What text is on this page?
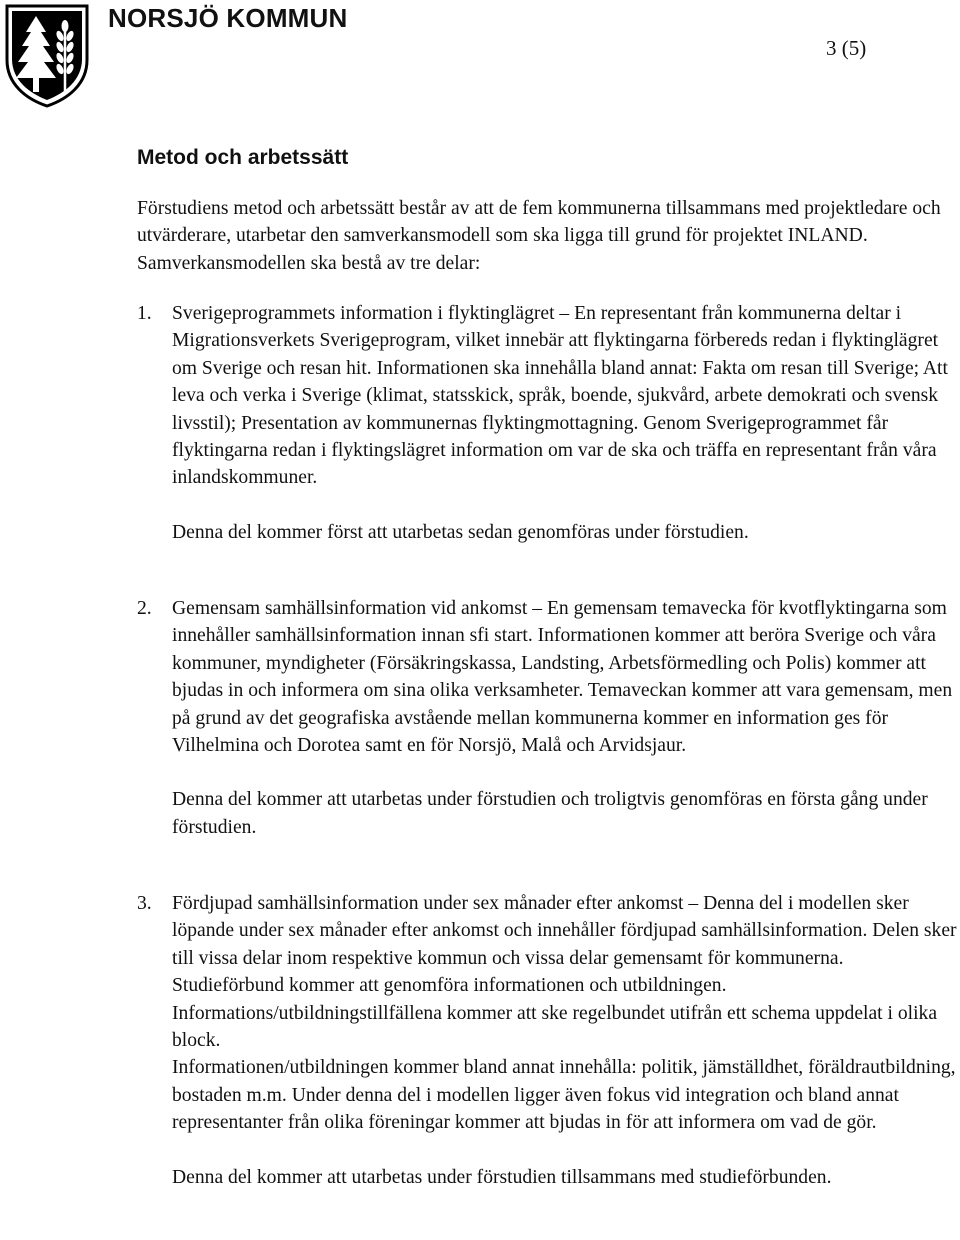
NORSJÖ KOMMUN
3 (5)
Metod och arbetssätt

Förstudiens metod och arbetssätt består av att de fem kommunerna tillsammans med projektledare och utvärderare, utarbetar den samverkansmodell som ska ligga till grund för projektet INLAND. Samverkansmodellen ska bestå av tre delar:

1. Sverigeprogrammets information i flyktinglägret – En representant från kommunerna deltar i Migrationsverkets Sverigeprogram, vilket innebär att flyktingarna förbereds redan i flyktinglägret om Sverige och resan hit. Informationen ska innehålla bland annat: Fakta om resan till Sverige; Att leva och verka i Sverige (klimat, statsskick, språk, boende, sjukvård, arbete demokrati och svensk livsstil); Presentation av kommunernas flyktingmottagning. Genom Sverigeprogrammet får flyktingarna redan i flyktingslägret information om var de ska och träffa en representant från våra inlandskommuner.

Denna del kommer först att utarbetas sedan genomföras under förstudien.

2. Gemensam samhällsinformation vid ankomst – En gemensam temavecka för kvotflyktingarna som innehåller samhällsinformation innan sfi start. Informationen kommer att beröra Sverige och våra kommuner, myndigheter (Försäkringskassa, Landsting, Arbetsförmedling och Polis) kommer att bjudas in och informera om sina olika verksamheter. Temaveckan kommer att vara gemensam, men på grund av det geografiska avstående mellan kommunerna kommer en information ges för Vilhelmina och Dorotea samt en för Norsjö, Malå och Arvidsjaur.

Denna del kommer att utarbetas under förstudien och troligtvis genomföras en första gång under förstudien.

3. Fördjupad samhällsinformation under sex månader efter ankomst – Denna del i modellen sker löpande under sex månader efter ankomst och innehåller fördjupad samhällsinformation. Delen sker till vissa delar inom respektive kommun och vissa delar gemensamt för kommunerna. Studieförbund kommer att genomföra informationen och utbildningen. Informations/utbildningstillfällena kommer att ske regelbundet utifrån ett schema uppdelat i olika block.

Informationen/utbildningen kommer bland annat innehålla: politik, jämställdhet, föräldrautbildning, bostaden m.m. Under denna del i modellen ligger även fokus vid integration och bland annat representanter från olika föreningar kommer att bjudas in för att informera om vad de gör.

Denna del kommer att utarbetas under förstudien tillsammans med studieförbunden.
